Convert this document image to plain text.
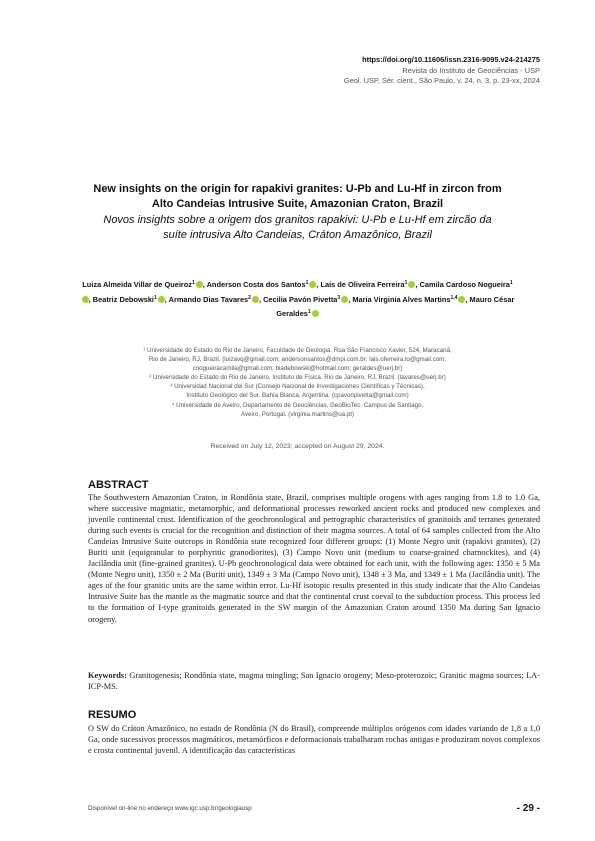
https://doi.org/10.11606/issn.2316-9095.v24-214275
Revista do Instituto de Geociências - USP
Geol. USP, Sér. cient., São Paulo, v. 24, n. 3, p. 23-xx, 2024
New insights on the origin for rapakivi granites: U-Pb and Lu-Hf in zircon from
Alto Candeias Intrusive Suite, Amazonian Craton, Brazil
Novos insights sobre a origem dos granitos rapakivi: U-Pb e Lu-Hf em zircão da
suíte intrusiva Alto Candeias, Cráton Amazônico, Brazil
Luiza Almeida Villar de Queiroz$^1$ , Anderson Costa dos Santos$^1$ , Laís de Oliveira Ferreira$^1$ , Camila Cardoso Nogueira$^1$, Beatriz Debowski$^1$ , Armando Dias Tavares$^2$ , Cecilia Pavón Pivetta$^3$ , Maria Virginia Alves Martins$^{1,4}$ , Mauro César Geraldes$^1$
¹ Universidade do Estado do Rio de Janeiro, Faculdade de Geologia. Rua São Francisco Xavier, 524, Maracanã,
Rio de Janeiro, RJ, Brazil. (luizavq@gmail.com; andersonsantos@dmpi.com.br; lais.oferreira.lo@gmail.com;
cnogueiracamila@gmail.com; biadebowski@hotmail.com; geraldes@uerj.br)
² Universidade do Estado do Rio de Janeiro, Instituto de Física. Rio de Janeiro, RJ, Brazil. (tavares@uerj.br)
³ Universidad Nacional del Sur (Consejo Nacional de Investigaciones Científicas y Técnicas),
Instituto Geológico del Sur. Bahía Blanca, Argentina. (cpavonpivetta@gmail.com)
⁴ Universidade de Aveiro, Departamento de Geociências, GeoBioTec. Campus de Santiago,
Aveiro, Portugal. (virginia.martins@ua.pt)
Received on July 12, 2023; accepted on August 29, 2024.
ABSTRACT
The Southwestern Amazonian Craton, in Rondônia state, Brazil, comprises multiple orogens with ages ranging from 1.8 to 1.0 Ga, where successive magmatic, metamorphic, and deformational processes reworked ancient rocks and produced new complexes and juvenile continental crust. Identification of the geochronological and petrographic characteristics of granitoids and terranes generated during such events is crucial for the recognition and distinction of their magma sources. A total of 64 samples collected from the Alto Candeias Intrusive Suite outcrops in Rondônia state recognized four different groups: (1) Monte Negro unit (rapakivi granites), (2) Buriti unit (equigranular to porphyritic granodiorites), (3) Campo Novo unit (medium to coarse-grained charnockites), and (4) Jacilândia unit (fine-grained granites). U-Pb geochronological data were obtained for each unit, with the following ages: 1350 ± 5 Ma (Monte Negro unit), 1350 ± 2 Ma (Buriti unit), 1349 ± 3 Ma (Campo Novo unit), 1348 ± 3 Ma, and 1349 ± 1 Ma (Jacilândia unit). The ages of the four granitic units are the same within error. Lu-Hf isotopic results presented in this study indicate that the Alto Candeias Intrusive Suite has the mantle as the magmatic source and that the continental crust coeval to the subduction process. This process led to the formation of I-type granitoids generated in the SW margin of the Amazonian Craton around 1350 Ma during San Ignacio orogeny.
Keywords: Granitogenesis; Rondônia state, magma mingling; San Ignacio orogeny; Meso-proterozoic; Granitic magma sources; LA-ICP-MS.
RESUMO
O SW do Cráton Amazônico, no estado de Rondônia (N do Brasil), compreende múltiplos orógenos com idades variando de 1,8 a 1,0 Ga, onde sucessivos processos magmáticos, metamórficos e deformacionais trabalharam rochas antigas e produziram novos complexos e crosta continental juvenil. A identificação das características
Disponível on-line no endereço www.igc.usp.br/geologiausp	- 29 -
